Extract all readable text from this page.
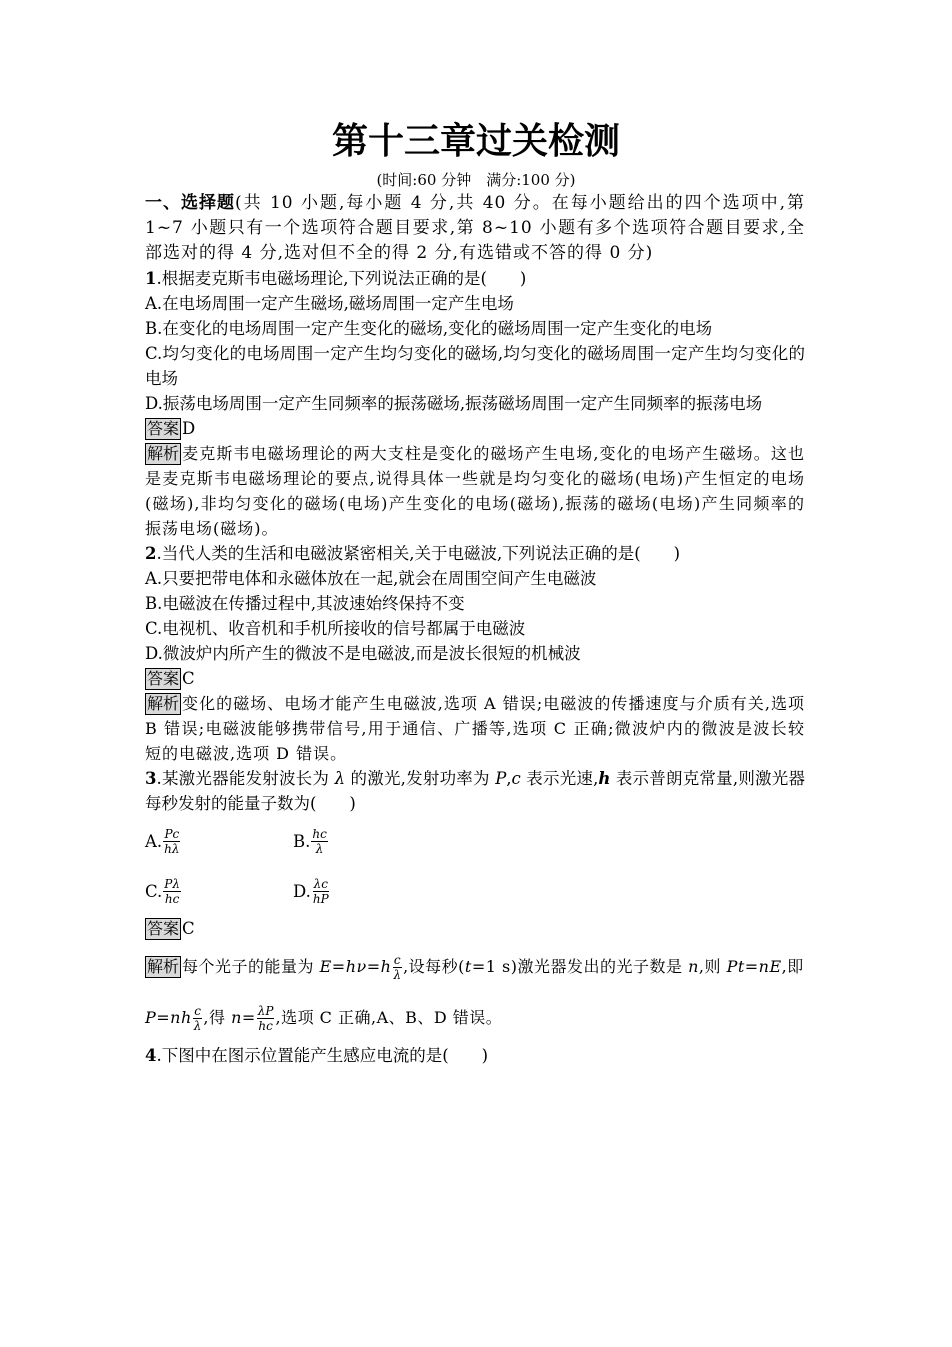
第十三章过关检测
(时间:60 分钟　满分:100 分)

一、选择题(共 10 小题,每小题 4 分,共 40 分。在每小题给出的四个选项中,第 1~7 小题只有一个选项符合题目要求,第 8~10 小题有多个选项符合题目要求,全部选对的得 4 分,选对但不全的得 2 分,有选错或不答的得 0 分)

1.根据麦克斯韦电磁场理论,下列说法正确的是(　　)

A.在电场周围一定产生磁场,磁场周围一定产生电场

B.在变化的电场周围一定产生变化的磁场,变化的磁场周围一定产生变化的电场

C.均匀变化的电场周围一定产生均匀变化的磁场,均匀变化的磁场周围一定产生均匀变化的电场

D.振荡电场周围一定产生同频率的振荡磁场,振荡磁场周围一定产生同频率的振荡电场

答案 D

解析 麦克斯韦电磁场理论的两大支柱是变化的磁场产生电场,变化的电场产生磁场。这也是麦克斯韦电磁场理论的要点,说得具体一些就是均匀变化的磁场(电场)产生恒定的电场(磁场),非均匀变化的磁场(电场)产生变化的电场(磁场),振荡的磁场(电场)产生同频率的振荡电场(磁场)。

2.当代人类的生活和电磁波紧密相关,关于电磁波,下列说法正确的是(　　)

A.只要把带电体和永磁体放在一起,就会在周围空间产生电磁波

B.电磁波在传播过程中,其波速始终保持不变

C.电视机、收音机和手机所接收的信号都属于电磁波

D.微波炉内所产生的微波不是电磁波,而是波长很短的机械波

答案 C

解析 变化的磁场、电场才能产生电磁波,选项 A 错误;电磁波的传播速度与介质有关,选项 B 错误;电磁波能够携带信号,用于通信、广播等,选项 C 正确;微波炉内的微波是波长较短的电磁波,选项 D 错误。

3.某激光器能发射波长为 λ 的激光,发射功率为 P,c 表示光速,h 表示普朗克常量,则激光器每秒发射的能量子数为(　　)

A. $\frac{Pc}{h\lambda}$	B. $\frac{hc}{\lambda}$
C. $\frac{P\lambda}{hc}$	D. $\frac{\lambda c}{hP}$

答案 C

解析 每个光子的能量为 $E=h\nu=h \frac{c}{\lambda}$ ,设每秒(t=1 s)激光器发出的光子数是 n,则 Pt=nE,即

$P=nh \frac{c}{\lambda}$ ,得 $n= \frac{\lambda P}{hc}$ ,选项 C 正确,A、B、D 错误。

4.下图中在图示位置能产生感应电流的是(　　)
